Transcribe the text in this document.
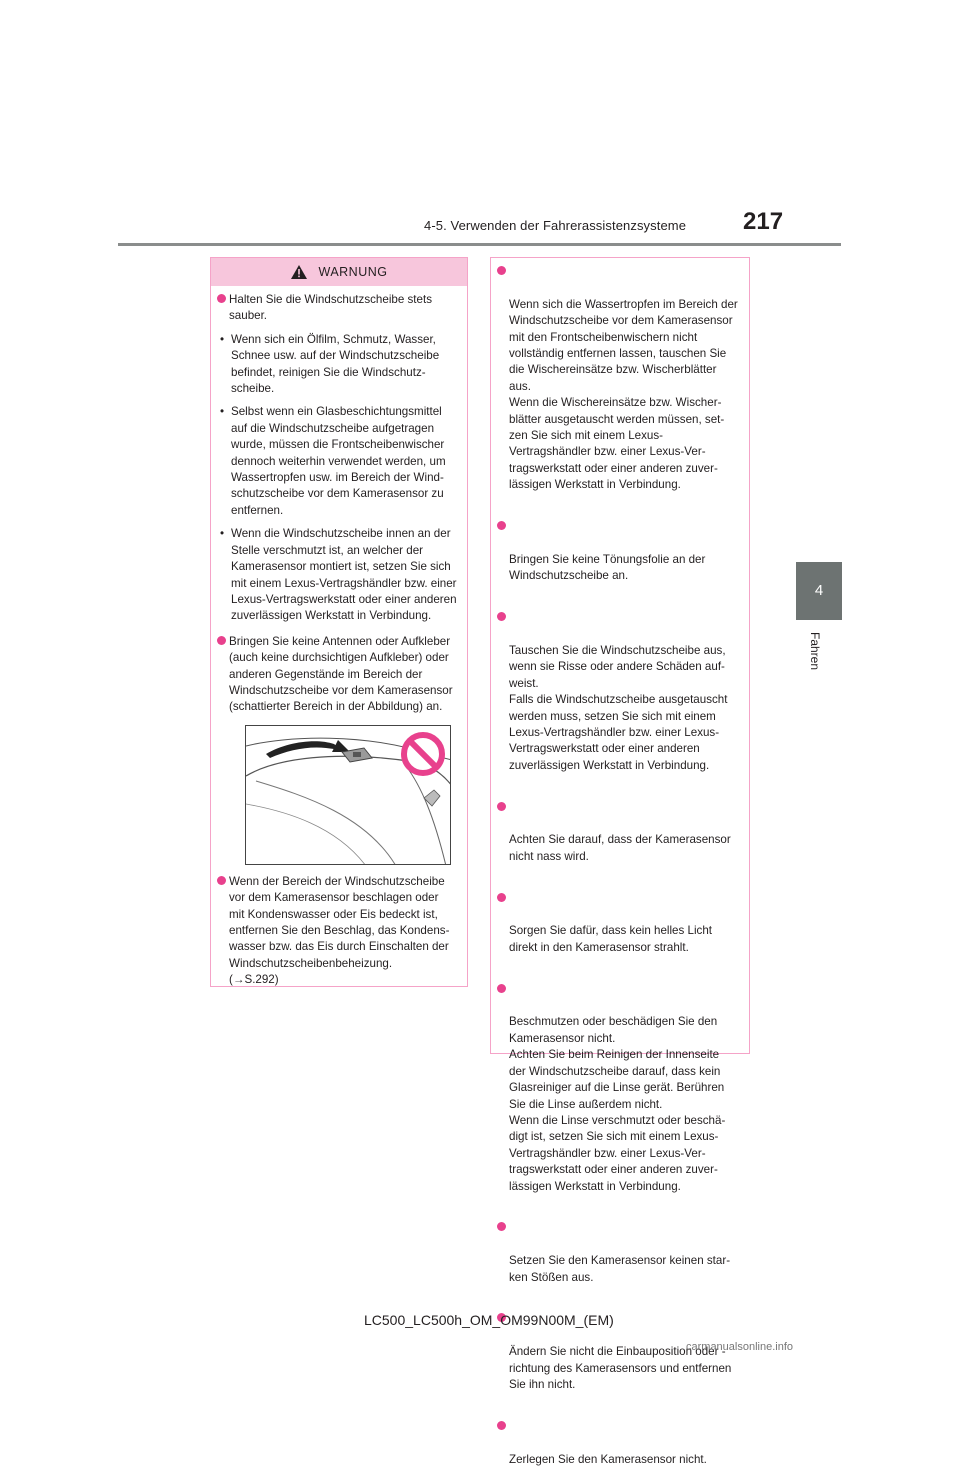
4-5. Verwenden der Fahrerassistenzsysteme 217
4
Fahren
WARNUNG

Halten Sie die Windschutzscheibe stets sauber.

• Wenn sich ein Ölfilm, Schmutz, Wasser, Schnee usw. auf der Windschutzscheibe befindet, reinigen Sie die Windschutzscheibe.
• Selbst wenn ein Glasbeschichtungsmittel auf die Windschutzscheibe aufgetragen wurde, müssen die Frontscheibenwischer dennoch weiterhin verwendet werden, um Wassertropfen usw. im Bereich der Windschutzscheibe vor dem Kamerasensor zu entfernen.
• Wenn die Windschutzscheibe innen an der Stelle verschmutzt ist, an welcher der Kamerasensor montiert ist, setzen Sie sich mit einem Lexus-Vertragshändler bzw. einer Lexus-Vertragswerkstatt oder einer anderen zuverlässigen Werkstatt in Verbindung.

Bringen Sie keine Antennen oder Aufkleber (auch keine durchsichtigen Aufkleber) oder anderen Gegenstände im Bereich der Windschutzscheibe vor dem Kamerasensor (schattierter Bereich in der Abbildung) an.

Wenn der Bereich der Windschutzscheibe vor dem Kamerasensor beschlagen oder mit Kondenswasser oder Eis bedeckt ist, entfernen Sie den Beschlag, das Kondenswasser bzw. das Eis durch Einschalten der Windschutzscheibenbeheizung.

(→S.292)

Wenn sich die Wassertropfen im Bereich der Windschutzscheibe vor dem Kamerasensor mit den Frontscheibenwischern nicht vollständig entfernen lassen, tauschen Sie die Wischereinsätze bzw. Wischerblätter aus.
Wenn die Wischereinsätze bzw. Wischerblätter ausgetauscht werden müssen, setzen Sie sich mit einem Lexus-Vertragshändler bzw. einer Lexus-Vertragswerkstatt oder einer anderen zuverlässigen Werkstatt in Verbindung.

Bringen Sie keine Tönungsfolie an der Windschutzscheibe an.

Tauschen Sie die Windschutzscheibe aus, wenn sie Risse oder andere Schäden aufweist.
Falls die Windschutzscheibe ausgetauscht werden muss, setzen Sie sich mit einem Lexus-Vertragshändler bzw. einer Lexus-Vertragswerkstatt oder einer anderen zuverlässigen Werkstatt in Verbindung.

Achten Sie darauf, dass der Kamerasensor nicht nass wird.

Sorgen Sie dafür, dass kein helles Licht direkt in den Kamerasensor strahlt.

Beschmutzen oder beschädigen Sie den Kamerasensor nicht.
Achten Sie beim Reinigen der Innenseite der Windschutzscheibe darauf, dass kein Glasreiniger auf die Linse gerät. Berühren Sie die Linse außerdem nicht.
Wenn die Linse verschmutzt oder beschädigt ist, setzen Sie sich mit einem Lexus-Vertragshändler bzw. einer Lexus-Vertragswerkstatt oder einer anderen zuverlässigen Werkstatt in Verbindung.

Setzen Sie den Kamerasensor keinen starken Stößen aus.

Ändern Sie nicht die Einbauposition oder -richtung des Kamerasensors und entfernen Sie ihn nicht.

Zerlegen Sie den Kamerasensor nicht.

LC500_LC500h_OM_OM99N00M_(EM)
carmanualsonline.info
